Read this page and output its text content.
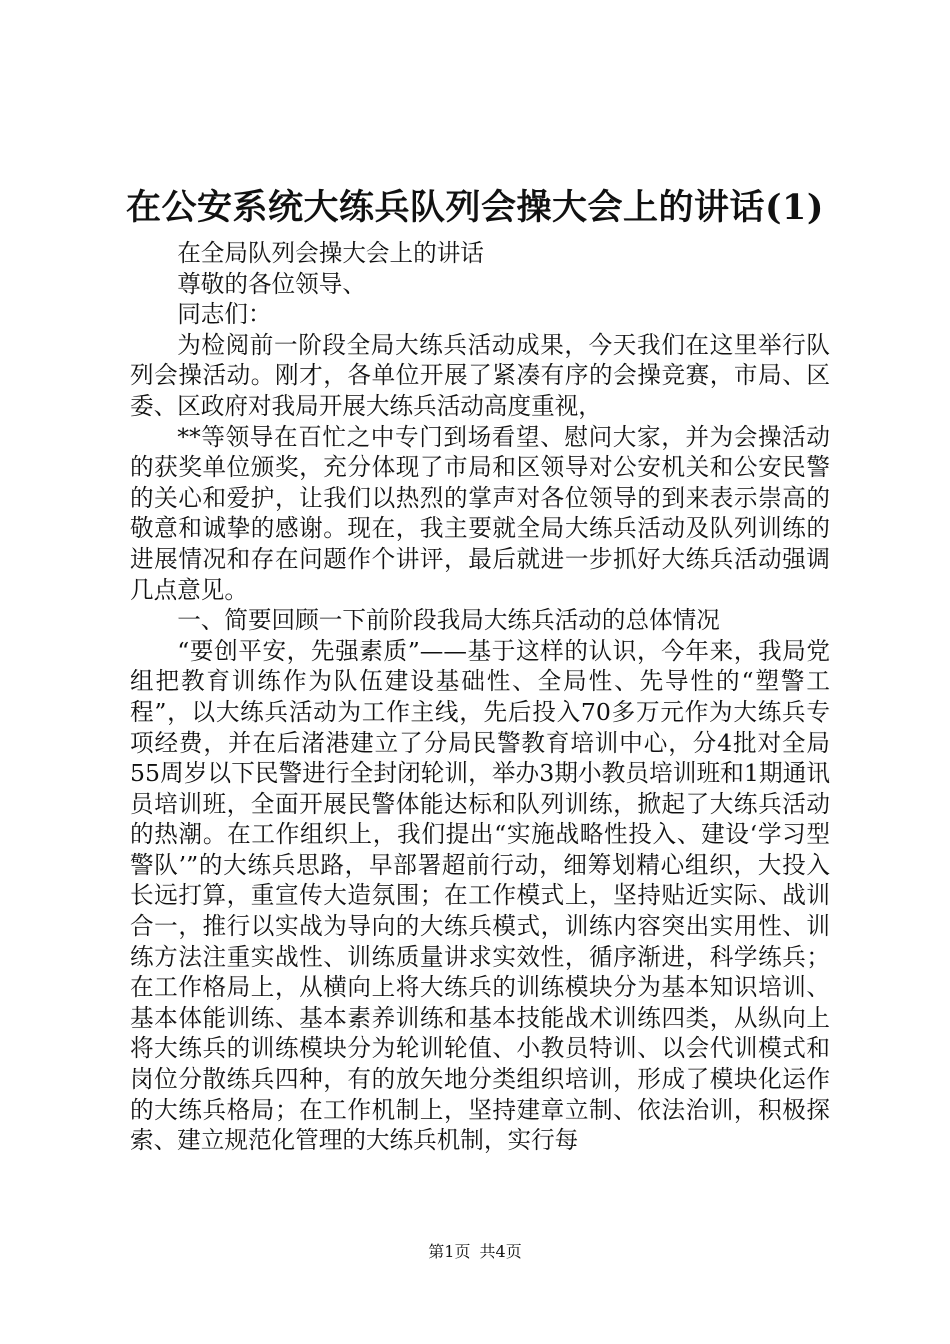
在公安系统大练兵队列会操大会上的讲话(1)

在全局队列会操大会上的讲话

尊敬的各位领导、

同志们：

为检阅前一阶段全局大练兵活动成果，今天我们在这里举行队列会操活动。刚才，各单位开展了紧凑有序的会操竞赛，市局、区委、区政府对我局开展大练兵活动高度重视，

**等领导在百忙之中专门到场看望、慰问大家，并为会操活动的获奖单位颁奖，充分体现了市局和区领导对公安机关和公安民警的关心和爱护，让我们以热烈的掌声对各位领导的到来表示崇高的敬意和诚挚的感谢。现在，我主要就全局大练兵活动及队列训练的进展情况和存在问题作个讲评，最后就进一步抓好大练兵活动强调几点意见。

一、简要回顾一下前阶段我局大练兵活动的总体情况

“要创平安，先强素质”——基于这样的认识，今年来，我局党组把教育训练作为队伍建设基础性、全局性、先导性的“塑警工程”，以大练兵活动为工作主线，先后投入70多万元作为大练兵专项经费，并在后渚港建立了分局民警教育培训中心，分4批对全局55周岁以下民警进行全封闭轮训，举办3期小教员培训班和1期通讯员培训班，全面开展民警体能达标和队列训练，掀起了大练兵活动的热潮。在工作组织上，我们提出“实施战略性投入、建设‘学习型警队’”的大练兵思路，早部署超前行动，细筹划精心组织，大投入长远打算，重宣传大造氛围；在工作模式上，坚持贴近实际、战训合一，推行以实战为导向的大练兵模式，训练内容突出实用性、训练方法注重实战性、训练质量讲求实效性，循序渐进，科学练兵；在工作格局上，从横向上将大练兵的训练模块分为基本知识培训、基本体能训练、基本素养训练和基本技能战术训练四类，从纵向上将大练兵的训练模块分为轮训轮值、小教员特训、以会代训模式和岗位分散练兵四种，有的放矢地分类组织培训，形成了模块化运作的大练兵格局；在工作机制上，坚持建章立制、依法治训，积极探索、建立规范化管理的大练兵机制，实行每

第1页 共4页
